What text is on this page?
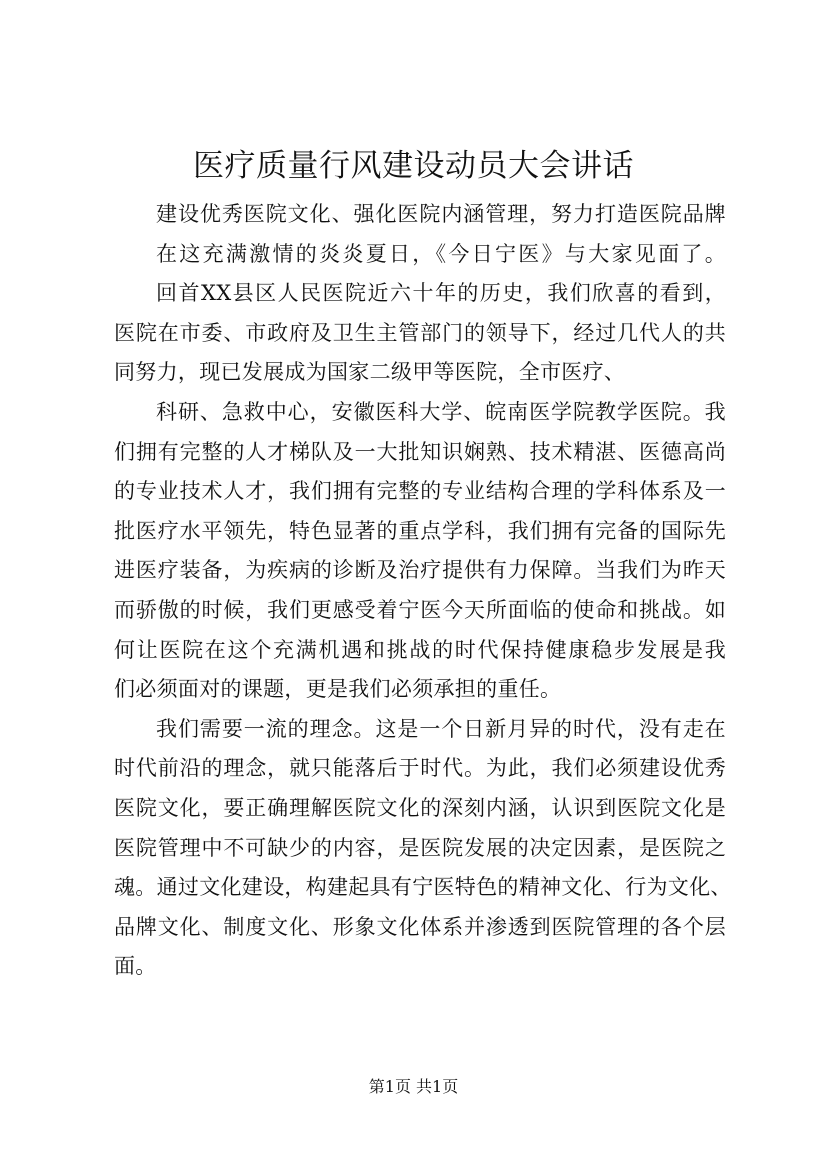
医疗质量行风建设动员大会讲话
建设优秀医院文化、强化医院内涵管理，努力打造医院品牌
在这充满激情的炎炎夏日，《今日宁医》与大家见面了。
回首XX县区人民医院近六十年的历史，我们欣喜的看到，
医院在市委、市政府及卫生主管部门的领导下，经过几代人的共
同努力，现已发展成为国家二级甲等医院，全市医疗、
科研、急救中心，安徽医科大学、皖南医学院教学医院。我
们拥有完整的人才梯队及一大批知识娴熟、技术精湛、医德高尚
的专业技术人才，我们拥有完整的专业结构合理的学科体系及一
批医疗水平领先，特色显著的重点学科，我们拥有完备的国际先
进医疗装备，为疾病的诊断及治疗提供有力保障。当我们为昨天
而骄傲的时候，我们更感受着宁医今天所面临的使命和挑战。如
何让医院在这个充满机遇和挑战的时代保持健康稳步发展是我
们必须面对的课题，更是我们必须承担的重任。
我们需要一流的理念。这是一个日新月异的时代，没有走在
时代前沿的理念，就只能落后于时代。为此，我们必须建设优秀
医院文化，要正确理解医院文化的深刻内涵，认识到医院文化是
医院管理中不可缺少的内容，是医院发展的决定因素，是医院之
魂。通过文化建设，构建起具有宁医特色的精神文化、行为文化、
品牌文化、制度文化、形象文化体系并渗透到医院管理的各个层
面。
第1页 共1页
